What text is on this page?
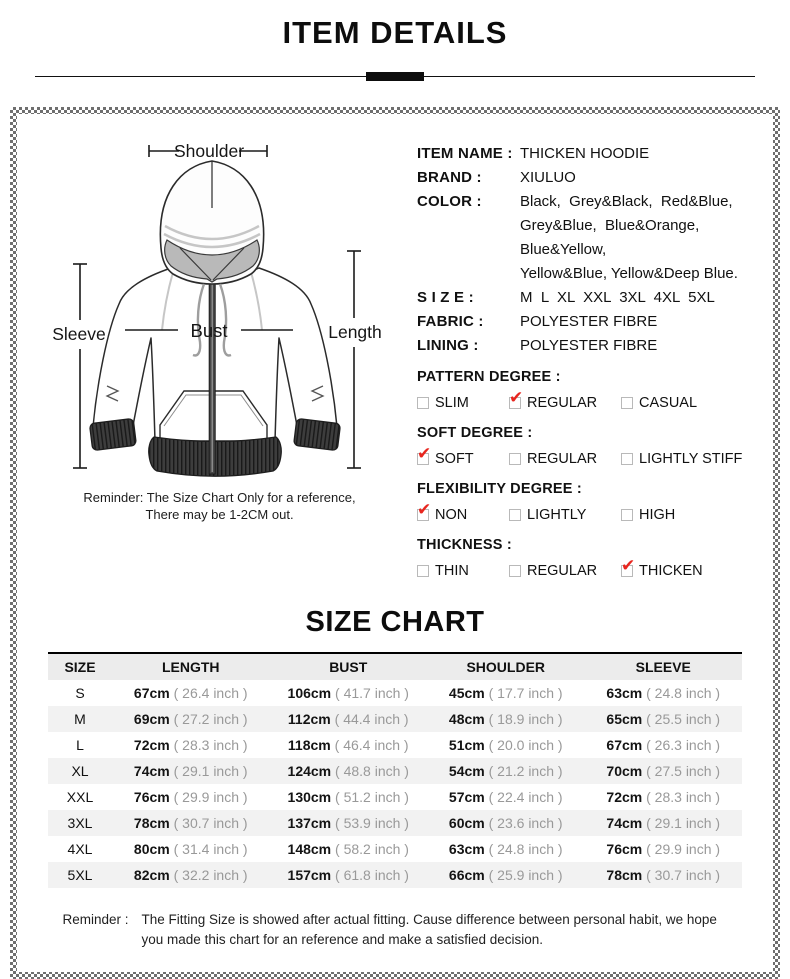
ITEM DETAILS
Shoulder
Sleeve	Length
Bust
Reminder: The Size Chart Only for a reference,
There may be 1-2CM out.
ITEM NAME : THICKEN HOODIE
BRAND :	XIULUO
COLOR :	Black,  Grey&Black,  Red&Blue,
Grey&Blue,  Blue&Orange, Blue&Yellow,
Yellow&Blue, Yellow&Deep Blue.
S I Z E :	M  L  XL  XXL  3XL  4XL  5XL
FABRIC :	POLYESTER FIBRE
LINING :	POLYESTER FIBRE
PATTERN DEGREE :
SLIM ✔ REGULAR	CASUAL
SOFT DEGREE :
✔ SOFT	REGULAR	LIGHTLY STIFF
FLEXIBILITY DEGREE :
✔ NON	LIGHTLY	HIGH
THICKNESS :
THIN	REGULAR ✔ THICKEN
SIZE CHART
SIZE	LENGTH	BUST	SHOULDER	SLEEVE
S	67cm ( 26.4 inch )	106cm ( 41.7 inch )	45cm ( 17.7 inch )	63cm ( 24.8 inch )
M	69cm ( 27.2 inch )	112cm ( 44.4 inch )	48cm ( 18.9 inch )	65cm ( 25.5 inch )
L	72cm ( 28.3 inch )	118cm ( 46.4 inch )	51cm ( 20.0 inch )	67cm ( 26.3 inch )
XL	74cm ( 29.1 inch )	124cm ( 48.8 inch )	54cm ( 21.2 inch )	70cm ( 27.5 inch )
XXL	76cm ( 29.9 inch )	130cm ( 51.2 inch )	57cm ( 22.4 inch )	72cm ( 28.3 inch )
3XL	78cm ( 30.7 inch )	137cm ( 53.9 inch )	60cm ( 23.6 inch )	74cm ( 29.1 inch )
4XL	80cm ( 31.4 inch )	148cm ( 58.2 inch )	63cm ( 24.8 inch )	76cm ( 29.9 inch )
5XL	82cm ( 32.2 inch )	157cm ( 61.8 inch )	66cm ( 25.9 inch )	78cm ( 30.7 inch )
Reminder : The Fitting Size is showed after actual fitting. Cause difference between personal habit, we hope you made this chart for an reference and make a satisfied decision.
